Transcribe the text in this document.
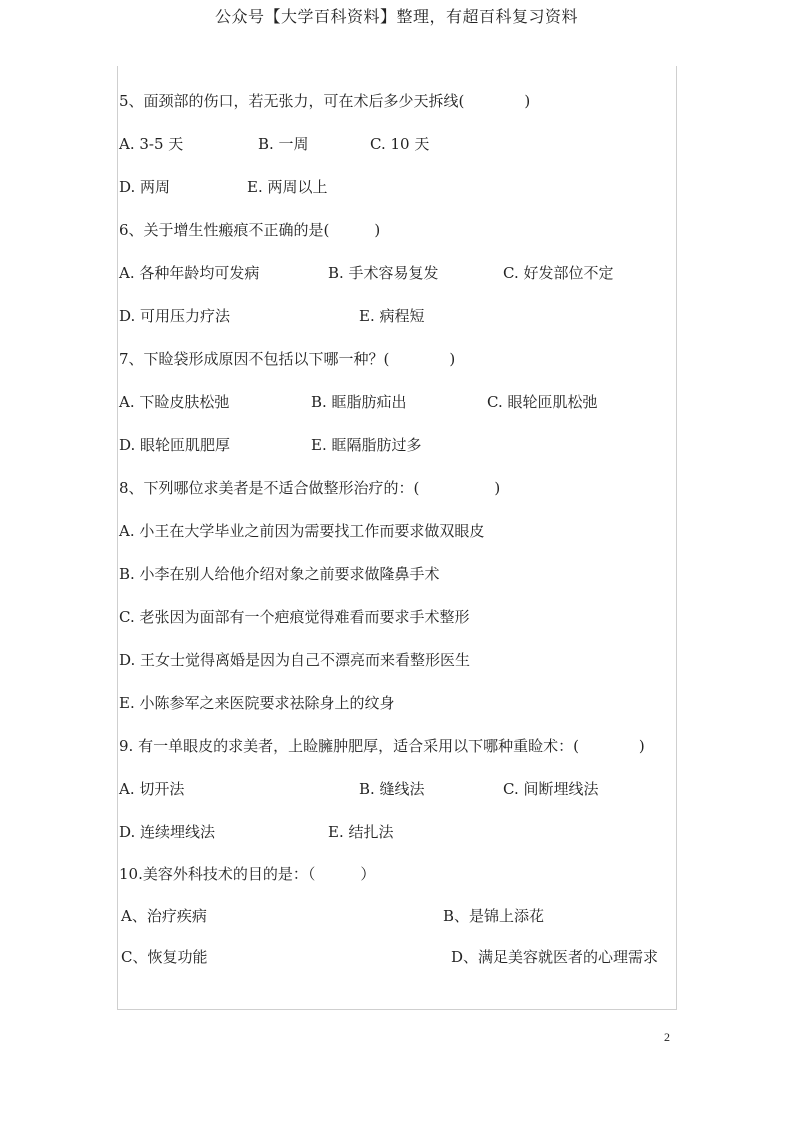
公众号【大学百科资料】整理，有超百科复习资料
5、面颈部的伤口，若无张力，可在术后多少天拆线(　　　　)
A. 3-5 天	B. 一周	C. 10 天
D. 两周	E. 两周以上
6、关于增生性瘢痕不正确的是(　　　)
A. 各种年龄均可发病	B. 手术容易复发	C. 好发部位不定
D. 可用压力疗法	E. 病程短
7、下睑袋形成原因不包括以下哪一种？(　　　　)
A. 下睑皮肤松弛	B. 眶脂肪疝出	C. 眼轮匝肌松弛
D. 眼轮匝肌肥厚	E. 眶隔脂肪过多
8、下列哪位求美者是不适合做整形治疗的：(　　　　　)
A. 小王在大学毕业之前因为需要找工作而要求做双眼皮
B. 小李在别人给他介绍对象之前要求做隆鼻手术
C. 老张因为面部有一个疤痕觉得难看而要求手术整形
D. 王女士觉得离婚是因为自己不漂亮而来看整形医生
E. 小陈参军之来医院要求祛除身上的纹身
9. 有一单眼皮的求美者，上睑臃肿肥厚，适合采用以下哪种重睑术：(　　　　)
A. 切开法	B. 缝线法	C. 间断埋线法
D. 连续埋线法	E. 结扎法
10.美容外科技术的目的是：（　　　）
A、治疗疾病	B、是锦上添花
C、恢复功能	D、满足美容就医者的心理需求
2
